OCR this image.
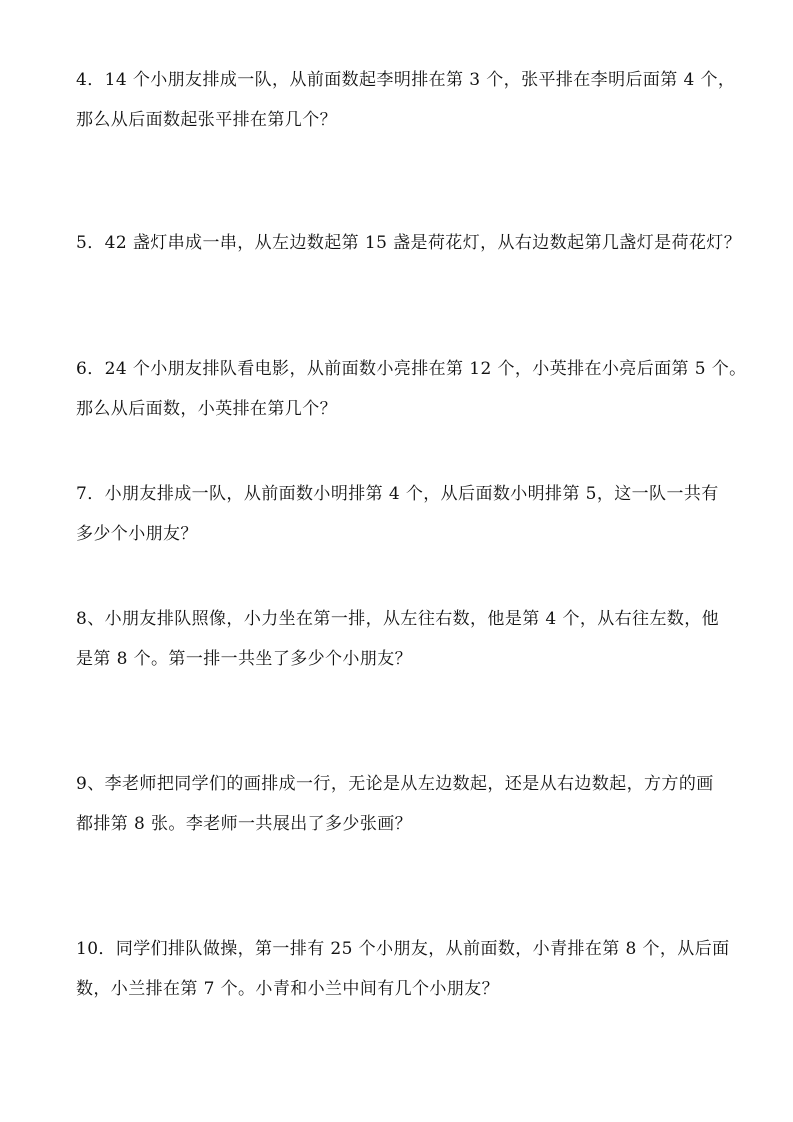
4．14 个小朋友排成一队，从前面数起李明排在第 3 个，张平排在李明后面第 4 个，
那么从后面数起张平排在第几个？
5．42 盏灯串成一串，从左边数起第 15 盏是荷花灯，从右边数起第几盏灯是荷花灯？
6．24 个小朋友排队看电影，从前面数小亮排在第 12 个，小英排在小亮后面第 5 个。
那么从后面数，小英排在第几个？
7．小朋友排成一队，从前面数小明排第 4 个，从后面数小明排第 5，这一队一共有
多少个小朋友？
8、小朋友排队照像，小力坐在第一排，从左往右数，他是第 4 个，从右往左数，他
是第 8 个。第一排一共坐了多少个小朋友？
9、李老师把同学们的画排成一行，无论是从左边数起，还是从右边数起，方方的画
都排第 8 张。李老师一共展出了多少张画？
10．同学们排队做操，第一排有 25 个小朋友，从前面数，小青排在第 8 个，从后面
数，小兰排在第 7 个。小青和小兰中间有几个小朋友？
